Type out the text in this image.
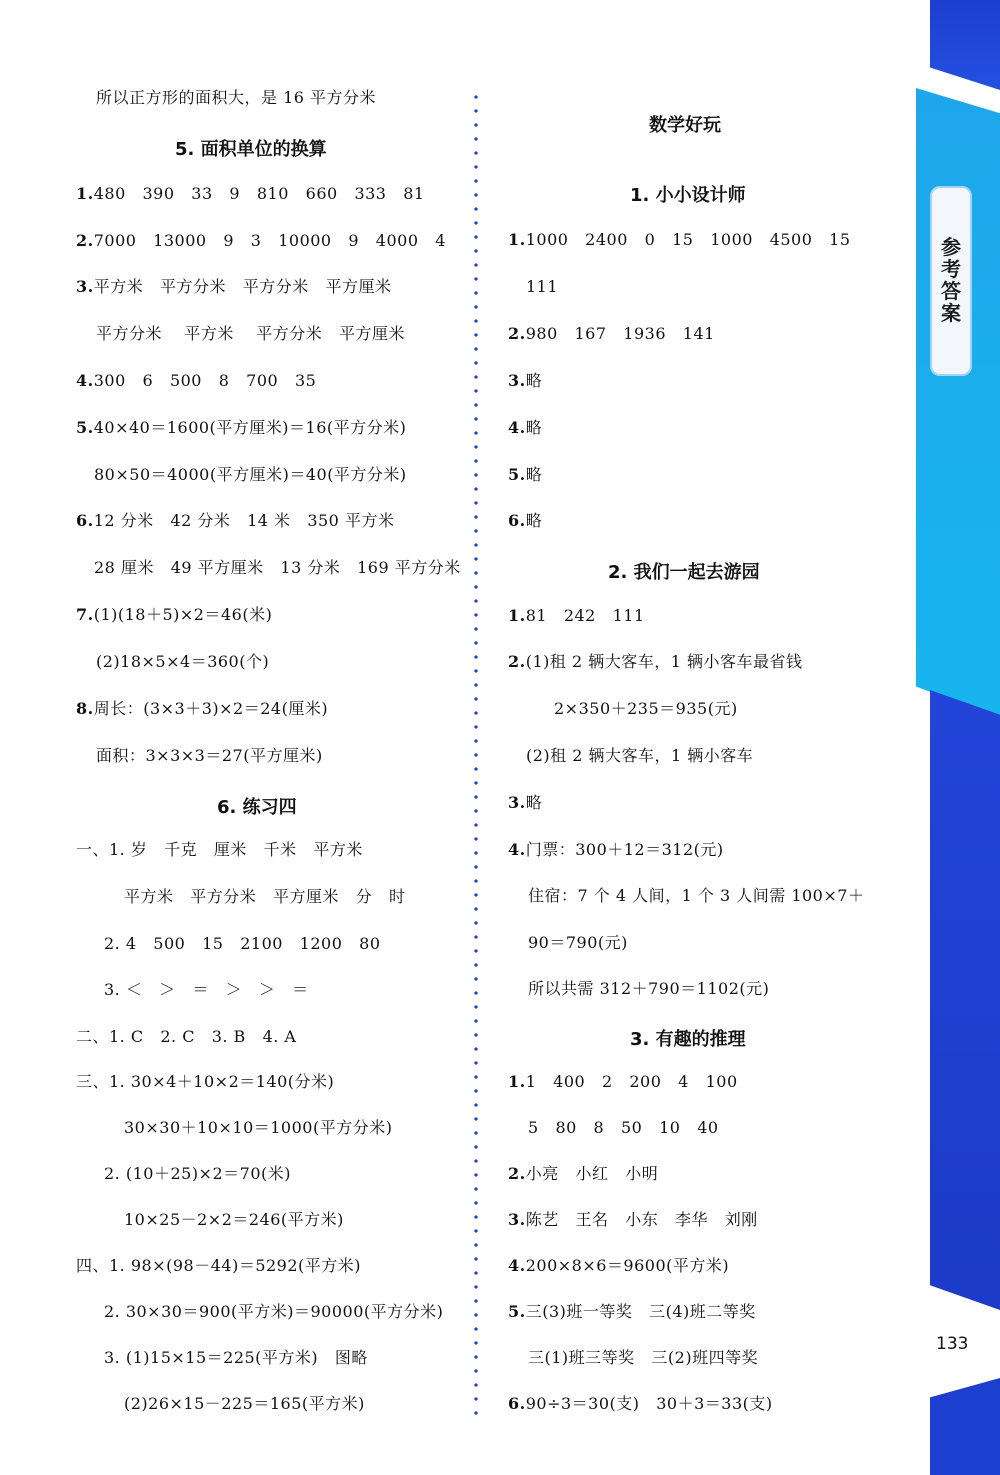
参
考
答
案
133
所以正方形的面积大，是 16 平方分米
5. 面积单位的换算
1.480   390   33   9   810   660   333   81
2.7000   13000   9   3   10000   9   4000   4
3.平方米   平方分米   平方分米   平方厘米
平方分米    平方米    平方分米   平方厘米
4.300   6   500   8   700   35
5.40×40＝1600(平方厘米)＝16(平方分米)
80×50＝4000(平方厘米)＝40(平方分米)
6.12 分米   42 分米   14 米   350 平方米
28 厘米   49 平方厘米   13 分米   169 平方分米
7.(1)(18＋5)×2＝46(米)
(2)18×5×4＝360(个)
8.周长：(3×3＋3)×2＝24(厘米)
面积：3×3×3＝27(平方厘米)
6. 练习四
一、1. 岁   千克   厘米   千米   平方米
平方米   平方分米   平方厘米   分   时
2. 4   500   15   2100   1200   80
3. ＜   ＞   ＝   ＞   ＞   ＝
二、1. C   2. C   3. B   4. A
三、1. 30×4＋10×2＝140(分米)
30×30＋10×10＝1000(平方分米)
2. (10＋25)×2＝70(米)
10×25－2×2＝246(平方米)
四、1. 98×(98－44)＝5292(平方米)
2. 30×30＝900(平方米)＝90000(平方分米)
3. (1)15×15＝225(平方米)   图略
(2)26×15－225＝165(平方米)
数学好玩
1. 小小设计师
1.1000   2400   0   15   1000   4500   15
111
2.980   167   1936   141
3.略
4.略
5.略
6.略
2. 我们一起去游园
1.81   242   111
2.(1)租 2 辆大客车，1 辆小客车最省钱
2×350＋235＝935(元)
(2)租 2 辆大客车，1 辆小客车
3.略
4.门票：300＋12＝312(元)
住宿：7 个 4 人间，1 个 3 人间需 100×7＋
90＝790(元)
所以共需 312＋790＝1102(元)
3. 有趣的推理
1.1   400   2   200   4   100
5   80   8   50   10   40
2.小亮   小红   小明
3.陈艺   王名   小东   李华   刘刚
4.200×8×6＝9600(平方米)
5.三(3)班一等奖   三(4)班二等奖
三(1)班三等奖   三(2)班四等奖
6.90÷3＝30(支)   30＋3＝33(支)
